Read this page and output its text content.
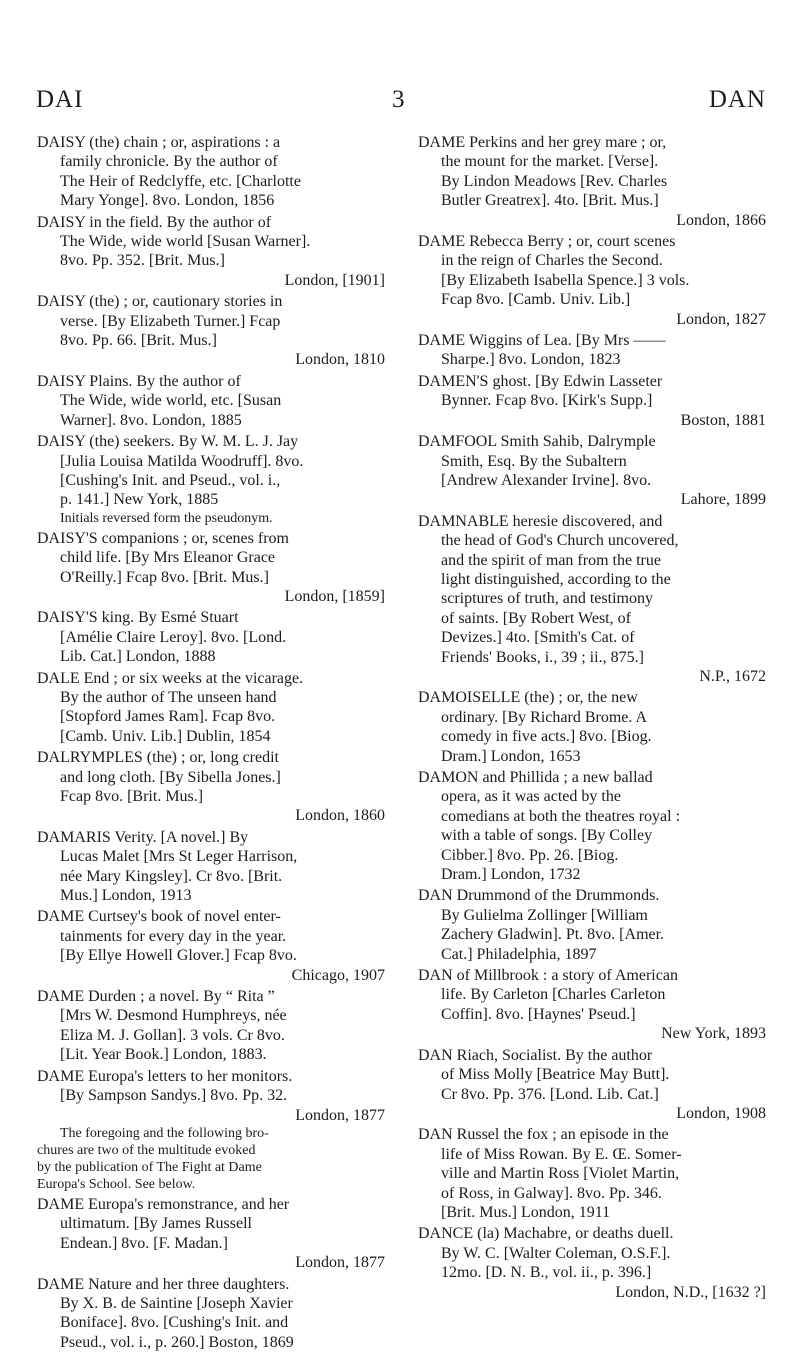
DAI	3	DAN
DAISY (the) chain ; or, aspirations : a
family chronicle. By the author of
The Heir of Redclyffe, etc. [Charlotte
Mary Yonge]. 8vo. London, 1856
DAISY in the field. By the author of
The Wide, wide world [Susan Warner].
8vo. Pp. 352. [Brit. Mus.]
London, [1901]
DAISY (the) ; or, cautionary stories in
verse. [By Elizabeth Turner.] Fcap
8vo. Pp. 66. [Brit. Mus.]
London, 1810
DAISY Plains. By the author of
The Wide, wide world, etc. [Susan
Warner]. 8vo. London, 1885
DAISY (the) seekers. By W. M. L. J. Jay
[Julia Louisa Matilda Woodruff]. 8vo.
[Cushing's Init. and Pseud., vol. i.,
p. 141.] New York, 1885
Initials reversed form the pseudonym.
DAISY'S companions ; or, scenes from
child life. [By Mrs Eleanor Grace
O'Reilly.] Fcap 8vo. [Brit. Mus.]
London, [1859]
DAISY'S king. By Esmé Stuart
[Amélie Claire Leroy]. 8vo. [Lond.
Lib. Cat.] London, 1888
DALE End ; or six weeks at the vicarage.
By the author of The unseen hand
[Stopford James Ram]. Fcap 8vo.
[Camb. Univ. Lib.] Dublin, 1854
DALRYMPLES (the) ; or, long credit
and long cloth. [By Sibella Jones.]
Fcap 8vo. [Brit. Mus.]
London, 1860
DAMARIS Verity. [A novel.] By
Lucas Malet [Mrs St Leger Harrison,
née Mary Kingsley]. Cr 8vo. [Brit.
Mus.] London, 1913
DAME Curtsey's book of novel enter-
tainments for every day in the year.
[By Ellye Howell Glover.] Fcap 8vo.
Chicago, 1907
DAME Durden ; a novel. By “ Rita ”
[Mrs W. Desmond Humphreys, née
Eliza M. J. Gollan]. 3 vols. Cr 8vo.
[Lit. Year Book.] London, 1883.
DAME Europa's letters to her monitors.
[By Sampson Sandys.] 8vo. Pp. 32.
London, 1877
The foregoing and the following bro-
chures are two of the multitude evoked
by the publication of The Fight at Dame
Europa's School. See below.
DAME Europa's remonstrance, and her
ultimatum. [By James Russell
Endean.] 8vo. [F. Madan.]
London, 1877
DAME Nature and her three daughters.
By X. B. de Saintine [Joseph Xavier
Boniface]. 8vo. [Cushing's Init. and
Pseud., vol. i., p. 260.] Boston, 1869
DAME Perkins and her grey mare ; or,
the mount for the market. [Verse].
By Lindon Meadows [Rev. Charles
Butler Greatrex]. 4to. [Brit. Mus.]
London, 1866
DAME Rebecca Berry ; or, court scenes
in the reign of Charles the Second.
[By Elizabeth Isabella Spence.] 3 vols.
Fcap 8vo. [Camb. Univ. Lib.]
London, 1827
DAME Wiggins of Lea. [By Mrs ——
Sharpe.] 8vo. London, 1823
DAMEN'S ghost. [By Edwin Lasseter
Bynner. Fcap 8vo. [Kirk's Supp.]
Boston, 1881
DAMFOOL Smith Sahib, Dalrymple
Smith, Esq. By the Subaltern
[Andrew Alexander Irvine]. 8vo.
Lahore, 1899
DAMNABLE heresie discovered, and
the head of God's Church uncovered,
and the spirit of man from the true
light distinguished, according to the
scriptures of truth, and testimony
of saints. [By Robert West, of
Devizes.] 4to. [Smith's Cat. of
Friends' Books, i., 39 ; ii., 875.]
N.P., 1672
DAMOISELLE (the) ; or, the new
ordinary. [By Richard Brome. A
comedy in five acts.] 8vo. [Biog.
Dram.] London, 1653
DAMON and Phillida ; a new ballad
opera, as it was acted by the
comedians at both the theatres royal :
with a table of songs. [By Colley
Cibber.] 8vo. Pp. 26. [Biog.
Dram.] London, 1732
DAN Drummond of the Drummonds.
By Gulielma Zollinger [William
Zachery Gladwin]. Pt. 8vo. [Amer.
Cat.] Philadelphia, 1897
DAN of Millbrook : a story of American
life. By Carleton [Charles Carleton
Coffin]. 8vo. [Haynes' Pseud.]
New York, 1893
DAN Riach, Socialist. By the author
of Miss Molly [Beatrice May Butt].
Cr 8vo. Pp. 376. [Lond. Lib. Cat.]
London, 1908
DAN Russel the fox ; an episode in the
life of Miss Rowan. By E. Œ. Somer-
ville and Martin Ross [Violet Martin,
of Ross, in Galway]. 8vo. Pp. 346.
[Brit. Mus.] London, 1911
DANCE (la) Machabre, or deaths duell.
By W. C. [Walter Coleman, O.S.F.].
12mo. [D. N. B., vol. ii., p. 396.]
London, N.D., [1632 ?]
